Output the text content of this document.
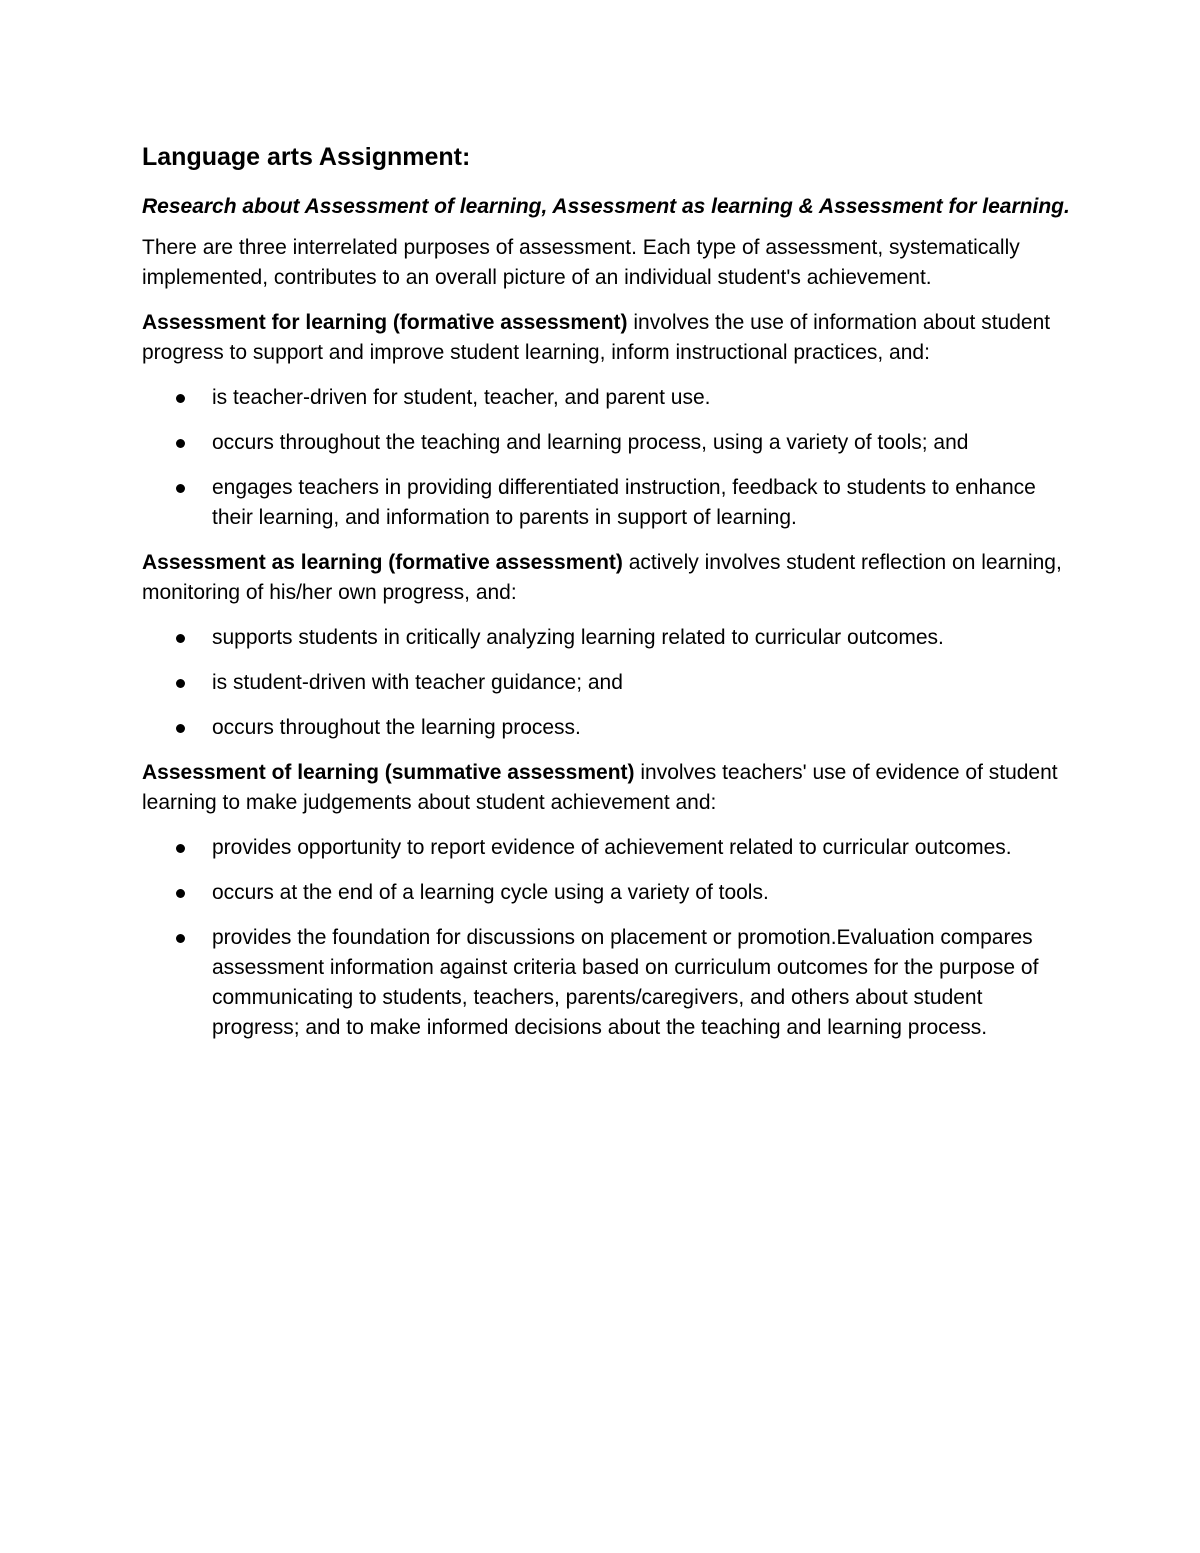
Language arts Assignment:
Research about Assessment of learning, Assessment as learning & Assessment for learning.

There are three interrelated purposes of assessment. Each type of assessment, systematically implemented, contributes to an overall picture of an individual student's achievement.

Assessment for learning (formative assessment) involves the use of information about student progress to support and improve student learning, inform instructional practices, and:

is teacher-driven for student, teacher, and parent use.
occurs throughout the teaching and learning process, using a variety of tools; and
engages teachers in providing differentiated instruction, feedback to students to enhance their learning, and information to parents in support of learning.

Assessment as learning (formative assessment) actively involves student reflection on learning, monitoring of his/her own progress, and:

supports students in critically analyzing learning related to curricular outcomes.
is student-driven with teacher guidance; and
occurs throughout the learning process.

Assessment of learning (summative assessment) involves teachers' use of evidence of student learning to make judgements about student achievement and:

provides opportunity to report evidence of achievement related to curricular outcomes.
occurs at the end of a learning cycle using a variety of tools.
provides the foundation for discussions on placement or promotion.Evaluation compares assessment information against criteria based on curriculum outcomes for the purpose of communicating to students, teachers, parents/caregivers, and others about student progress; and to make informed decisions about the teaching and learning process.
